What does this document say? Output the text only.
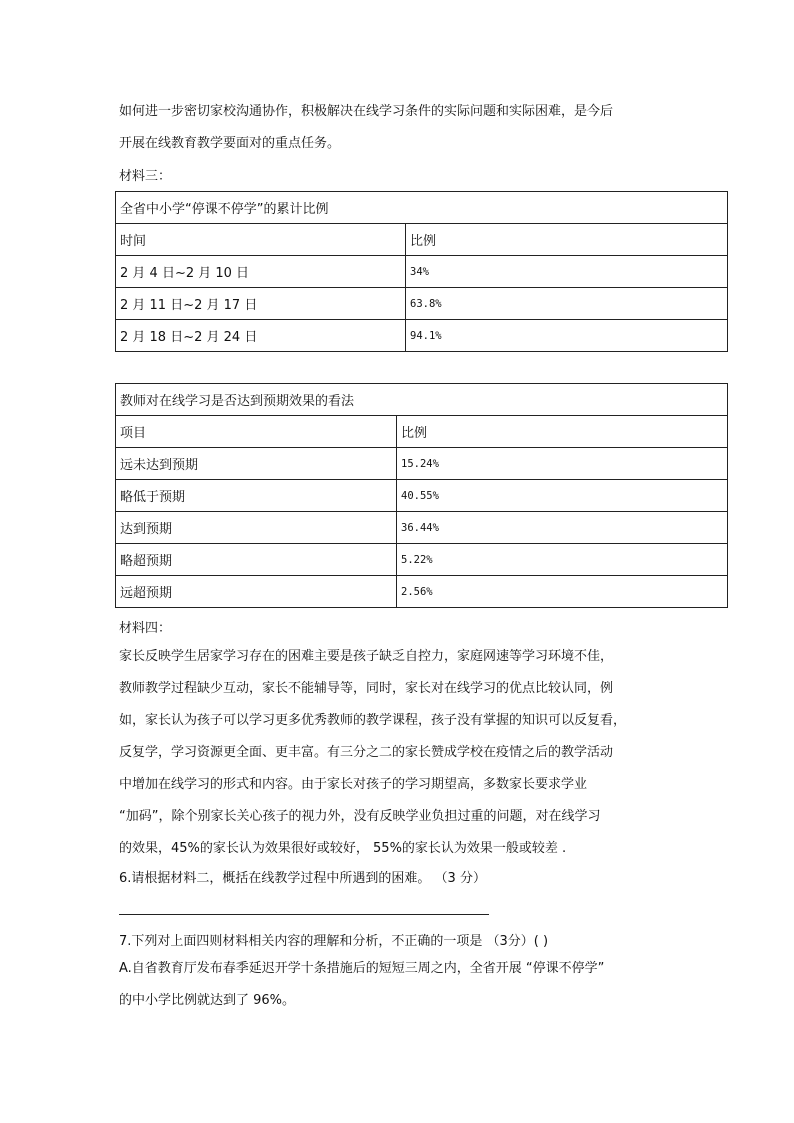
如何进一步密切家校沟通协作，积极解决在线学习条件的实际问题和实际困难，是今后
开展在线教育教学要面对的重点任务。

材料三：

全省中小学“停课不停学”的累计比例	
时间	比例
2 月 4 日~2 月 10 日	34%
2 月 11 日~2 月 17 日	63.8%
2 月 18 日~2 月 24 日	94.1%
教师对在线学习是否达到预期效果的看法	
项目	比例
远未达到预期	15.24%
略低于预期	40.55%
达到预期	36.44%
略超预期	5.22%
远超预期	2.56%

材料四：

家长反映学生居家学习存在的困难主要是孩子缺乏自控力，家庭网速等学习环境不佳，
教师教学过程缺少互动，家长不能辅导等，同时，家长对在线学习的优点比较认同，例
如，家长认为孩子可以学习更多优秀教师的教学课程，孩子没有掌握的知识可以反复看，
反复学，学习资源更全面、更丰富。有三分之二的家长赞成学校在疫情之后的教学活动
中增加在线学习的形式和内容。由于家长对孩子的学习期望高，多数家长要求学业
“加码”，除个别家长关心孩子的视力外，没有反映学业负担过重的问题，对在线学习
的效果，45%的家长认为效果很好或较好， 55%的家长认为效果一般或较差 .

6.请根据材料二，概括在线教学过程中所遇到的困难。 （3 分）

7.下列对上面四则材料相关内容的理解和分析，不正确的一项是 （3分）( )

A.自省教育厅发布春季延迟开学十条措施后的短短三周之内，全省开展 “停课不停学”
的中小学比例就达到了 96%。
